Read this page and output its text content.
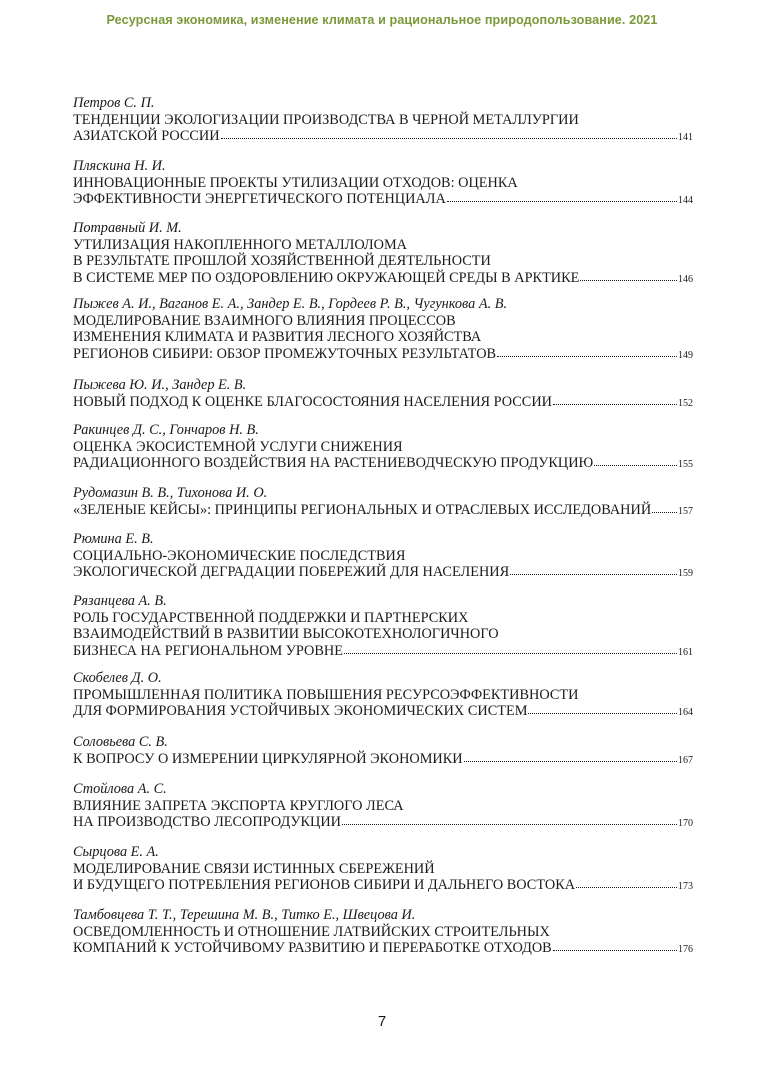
Ресурсная экономика, изменение климата и рациональное природопользование. 2021
Петров С. П.
ТЕНДЕНЦИИ ЭКОЛОГИЗАЦИИ ПРОИЗВОДСТВА В ЧЕРНОЙ МЕТАЛЛУРГИИ
АЗИАТСКОЙ РОССИИ	141
Пляскина Н. И.
ИННОВАЦИОННЫЕ ПРОЕКТЫ УТИЛИЗАЦИИ ОТХОДОВ: ОЦЕНКА
ЭФФЕКТИВНОСТИ ЭНЕРГЕТИЧЕСКОГО ПОТЕНЦИАЛА	144
Потравный И. М.
УТИЛИЗАЦИЯ НАКОПЛЕННОГО МЕТАЛЛОЛОМА
В РЕЗУЛЬТАТЕ ПРОШЛОЙ ХОЗЯЙСТВЕННОЙ ДЕЯТЕЛЬНОСТИ
В СИСТЕМЕ МЕР ПО ОЗДОРОВЛЕНИЮ ОКРУЖАЮЩЕЙ СРЕДЫ В АРКТИКЕ	146
Пыжев А. И., Ваганов Е. А., Зандер Е. В., Гордеев Р. В., Чугункова А. В.
МОДЕЛИРОВАНИЕ ВЗАИМНОГО ВЛИЯНИЯ ПРОЦЕССОВ
ИЗМЕНЕНИЯ КЛИМАТА И РАЗВИТИЯ ЛЕСНОГО ХОЗЯЙСТВА
РЕГИОНОВ СИБИРИ: ОБЗОР ПРОМЕЖУТОЧНЫХ РЕЗУЛЬТАТОВ	149
Пыжева Ю. И., Зандер Е. В.
НОВЫЙ ПОДХОД К ОЦЕНКЕ БЛАГОСОСТОЯНИЯ НАСЕЛЕНИЯ РОССИИ	152
Ракинцев Д. С., Гончаров Н. В.
ОЦЕНКА ЭКОСИСТЕМНОЙ УСЛУГИ СНИЖЕНИЯ
РАДИАЦИОННОГО ВОЗДЕЙСТВИЯ НА РАСТЕНИЕВОДЧЕСКУЮ ПРОДУКЦИЮ	155
Рудомазин В. В., Тихонова И. О.
«ЗЕЛЕНЫЕ КЕЙСЫ»: ПРИНЦИПЫ РЕГИОНАЛЬНЫХ И ОТРАСЛЕВЫХ ИССЛЕДОВАНИЙ	157
Рюмина Е. В.
СОЦИАЛЬНО-ЭКОНОМИЧЕСКИЕ ПОСЛЕДСТВИЯ
ЭКОЛОГИЧЕСКОЙ ДЕГРАДАЦИИ ПОБЕРЕЖИЙ ДЛЯ НАСЕЛЕНИЯ	159
Рязанцева А. В.
РОЛЬ ГОСУДАРСТВЕННОЙ ПОДДЕРЖКИ И ПАРТНЕРСКИХ
ВЗАИМОДЕЙСТВИЙ В РАЗВИТИИ ВЫСОКОТЕХНОЛОГИЧНОГО
БИЗНЕСА НА РЕГИОНАЛЬНОМ УРОВНЕ	161
Скобелев Д. О.
ПРОМЫШЛЕННАЯ ПОЛИТИКА ПОВЫШЕНИЯ РЕСУРСОЭФФЕКТИВНОСТИ
ДЛЯ ФОРМИРОВАНИЯ УСТОЙЧИВЫХ ЭКОНОМИЧЕСКИХ СИСТЕМ	164
Соловьева С. В.
К ВОПРОСУ О ИЗМЕРЕНИИ ЦИРКУЛЯРНОЙ ЭКОНОМИКИ	167
Стойлова А. С.
ВЛИЯНИЕ ЗАПРЕТА ЭКСПОРТА КРУГЛОГО ЛЕСА
НА ПРОИЗВОДСТВО ЛЕСОПРОДУКЦИИ	170
Сырцова Е. А.
МОДЕЛИРОВАНИЕ СВЯЗИ ИСТИННЫХ СБЕРЕЖЕНИЙ
И БУДУЩЕГО ПОТРЕБЛЕНИЯ РЕГИОНОВ СИБИРИ И ДАЛЬНЕГО ВОСТОКА	173
Тамбовцева Т. Т., Терешина М. В., Титко Е., Швецова И.
ОСВЕДОМЛЕННОСТЬ И ОТНОШЕНИЕ ЛАТВИЙСКИХ СТРОИТЕЛЬНЫХ
КОМПАНИЙ К УСТОЙЧИВОМУ РАЗВИТИЮ И ПЕРЕРАБОТКЕ ОТХОДОВ	176
7
